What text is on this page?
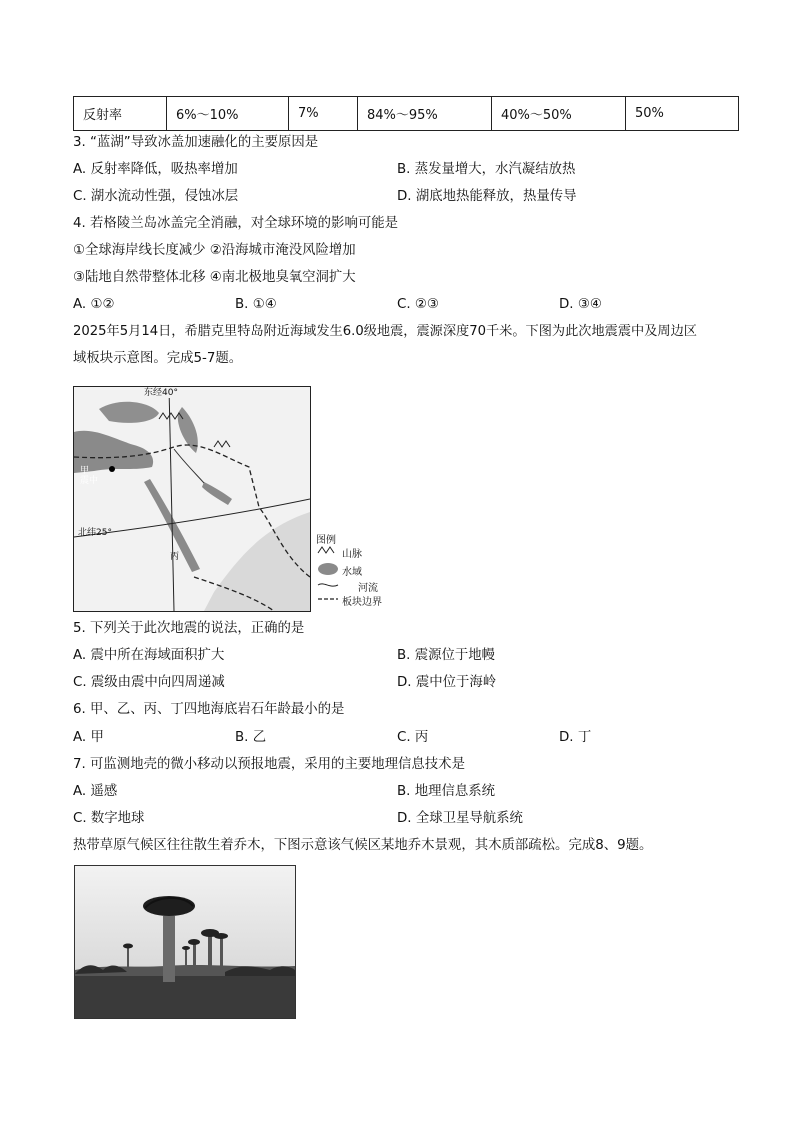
反射率	6%～10%	7%	84%～95%	40%～50%	50%
3. “蓝湖”导致冰盖加速融化的主要原因是
A. 反射率降低，吸热率增加	B. 蒸发量增大，水汽凝结放热
C. 湖水流动性强，侵蚀冰层	D. 湖底地热能释放，热量传导
4. 若格陵兰岛冰盖完全消融，对全球环境的影响可能是
①全球海岸线长度减少 ②沿海城市淹没风险增加
③陆地自然带整体北移 ④南北极地臭氧空洞扩大
A. ①②	B. ①④	C. ②③	D. ③④
2025年5月14日，希腊克里特岛附近海域发生6.0级地震，震源深度70千米。下图为此次地震震中及周边区
域板块示意图。完成5-7题。
东经40°
北纬25°
震中
甲
丙
图例
山脉
水域
河流
板块边界
5. 下列关于此次地震的说法，正确的是
A. 震中所在海域面积扩大	B. 震源位于地幔
C. 震级由震中向四周递减	D. 震中位于海岭
6. 甲、乙、丙、丁四地海底岩石年龄最小的是
A. 甲	B. 乙	C. 丙	D. 丁
7. 可监测地壳的微小移动以预报地震，采用的主要地理信息技术是
A. 遥感	B. 地理信息系统
C. 数字地球	D. 全球卫星导航系统
热带草原气候区往往散生着乔木，下图示意该气候区某地乔木景观，其木质部疏松。完成8、9题。
